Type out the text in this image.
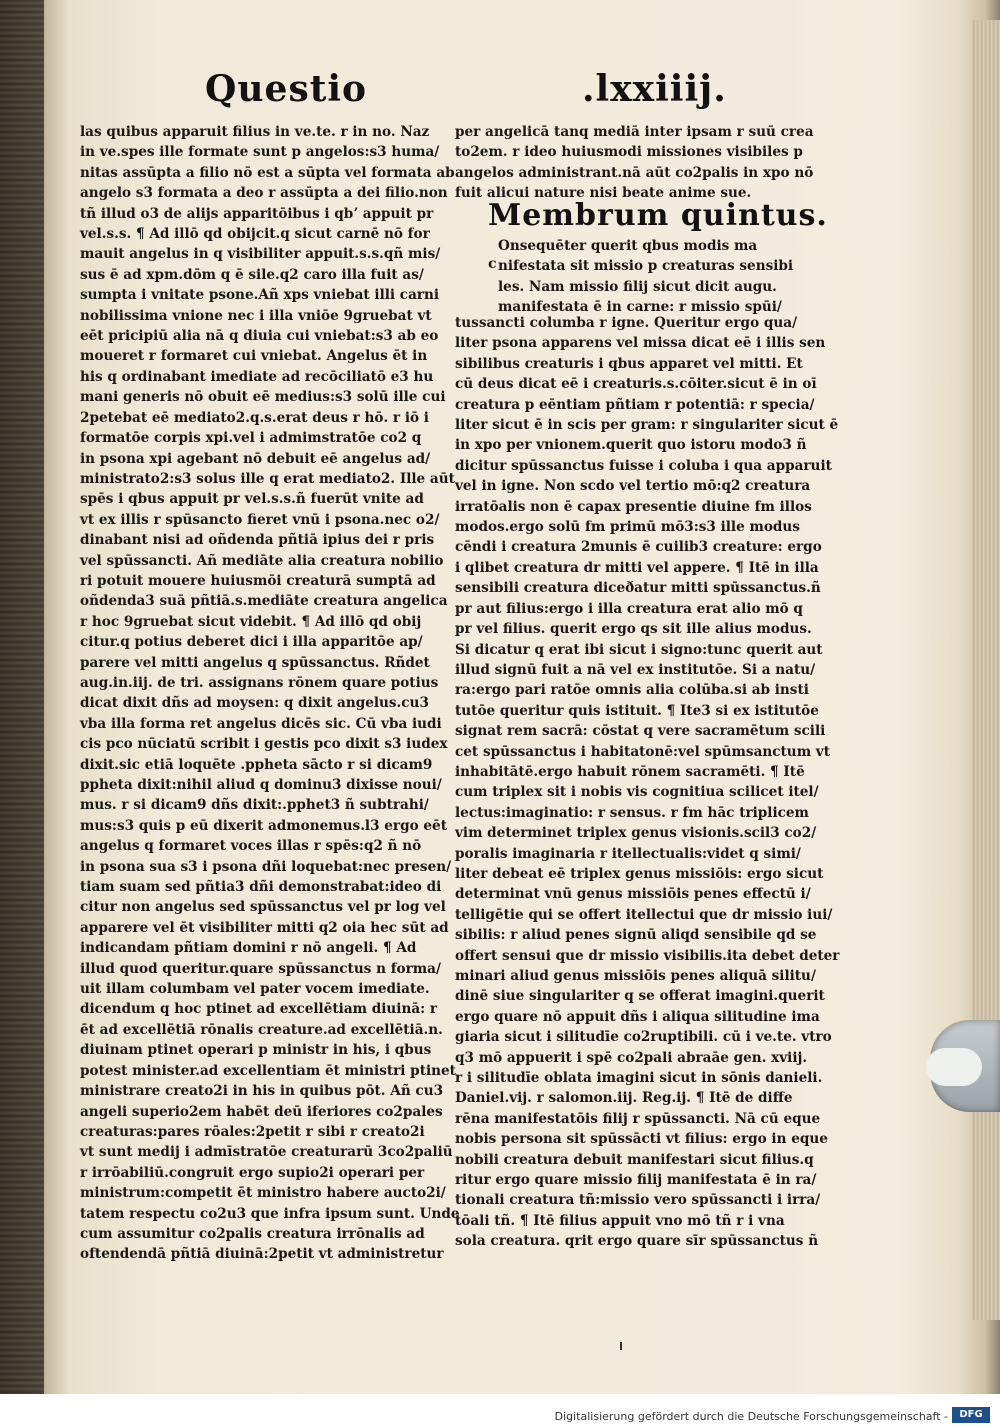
Questio	.lxxiiij.
las quibus apparuit filius in ve.te. r in no. Naz
in ve.spes ille formate sunt p angelos:s3 huma/
nitas assūpta a filio nō est a sūpta vel formata ab
angelo s3 formata a deo r assūpta a dei filio.non
tñ illud o3 de alijs apparitōibus i qbʼ appuit pr
vel.s.s. ¶ Ad illō qd obijcit.q sicut carnē nō for
mauit angelus in q visibiliter appuit.s.s.qñ mis/
sus ē ad xpm.dōm q ē sile.q2 caro illa fuit as/
sumpta i vnitate psone.Añ xps vniebat illi carni
nobilissima vnione nec i illa vniōe 9gruebat vt
eēt pricipiū alia nā q diuia cui vniebat:s3 ab eo
moueret r formaret cui vniebat. Angelus ēt in
his q ordinabant imediate ad recōciliatō e3 hu
mani generis nō obuit eē medius:s3 solū ille cui
2petebat eē mediato2.q.s.erat deus r hō. r iō i
formatōe corpis xpi.vel i admimstratōe co2 q
in psona xpi agebant nō debuit eē angelus ad/
ministrato2:s3 solus ille q erat mediato2. Ille aūt
spēs i qbus appuit pr vel.s.s.ñ fuerūt vnite ad
vt ex illis r spūsancto fieret vnū i psona.nec o2/
dinabant nisi ad oñdenda pñtiā ipius dei r pris
vel spūssancti. Añ mediāte alia creatura nobilio
ri potuit mouere huiusmōi creaturā sumptā ad
oñdenda3 suā pñtiā.s.mediāte creatura angelica
r hoc 9gruebat sicut videbit. ¶ Ad illō qd obij
citur.q potius deberet dici i illa apparitōe ap/
parere vel mitti angelus q spūssanctus. Rñdet
aug.in.iij. de tri. assignans rōnem quare potius
dicat dixit dñs ad moysen: q dixit angelus.cu3
vba illa forma ret angelus dicēs sic. Cū vba iudi
cis pco nūciatū scribit i gestis pco dixit s3 iudex
dixit.sic etiā loquēte .ppheta sācto r si dicam9
ppheta dixit:nihil aliud q dominu3 dixisse noui/
mus. r si dicam9 dñs dixit:.pphet3 ñ subtrahi/
mus:s3 quis p eū dixerit admonemus.l3 ergo eēt
angelus q formaret voces illas r spēs:q2 ñ nō
in psona sua s3 i psona dñi loquebat:nec presen/
tiam suam sed pñtia3 dñi demonstrabat:ideo di
citur non angelus sed spūssanctus vel pr log vel
apparere vel ēt visibiliter mitti q2 oia hec sūt ad
indicandam pñtiam domini r nō angeli. ¶ Ad
illud quod queritur.quare spūssanctus n forma/
uit illam columbam vel pater vocem imediate.
dicendum q hoc ptinet ad excellētiam diuinā: r
ēt ad excellētiā rōnalis creature.ad excellētiā.n.
diuinam ptinet operari p ministr in his, i qbus
potest minister.ad excellentiam ēt ministri ptinet
ministrare creato2i in his in quibus pōt. Añ cu3
angeli superio2em habēt deū iferiores co2pales
creaturas:pares rōales:2petit r sibi r creato2i
vt sunt medij i admīstratōe creaturarū 3co2paliū
r irrōabiliū.congruit ergo supio2i operari per
ministrum:competit ēt ministro habere aucto2i/
tatem respectu co2u3 que infra ipsum sunt. Unde
cum assumitur co2palis creatura irrōnalis ad
oftendendā pñtiā diuinā:2petit vt administretur
per angelicā tanq mediā inter ipsam r suū crea
to2em. r ideo huiusmodi missiones visibiles p
angelos administrant.nā aūt co2palis in xpo nō
fuit alicui nature nisi beate anime sue.
Membrum quintus.
c
Onsequēter querit qbus modis ma
nifestata sit missio p creaturas sensibi
les. Nam missio filij sicut dicit augu.
manifestata ē in carne: r missio spūi/
tussancti columba r igne. Queritur ergo qua/
liter psona apparens vel missa dicat eē i illis sen
sibilibus creaturis i qbus apparet vel mitti. Et
cū deus dicat eē i creaturis.s.cōiter.sicut ē in oī
creatura p eēntiam pñtiam r potentiā: r specia/
liter sicut ē in scis per gram: r singulariter sicut ē
in xpo per vnionem.querit quo istoru modo3 ñ
dicitur spūssanctus fuisse i coluba i qua apparuit
vel in igne. Non scdo vel tertio mō:q2 creatura
irratōalis non ē capax presentie diuine fm illos
modos.ergo solū fm primū mō3:s3 ille modus
cēndi i creatura 2munis ē cuilib3 creature: ergo
i qlibet creatura dr mitti vel appere. ¶ Itē in illa
sensibili creatura diceðatur mitti spūssanctus.ñ
pr aut filius:ergo i illa creatura erat alio mō q
pr vel filius. querit ergo qs sit ille alius modus.
Si dicatur q erat ibi sicut i signo:tunc querit aut
illud signū fuit a nā vel ex institutōe. Si a natu/
ra:ergo pari ratōe omnis alia colūba.si ab insti
tutōe queritur quis istituit. ¶ Ite3 si ex istitutōe
signat rem sacrā: cōstat q vere sacramētum scili
cet spūssanctus i habitatonē:vel spūmsanctum vt
inhabitātē.ergo habuit rōnem sacramēti. ¶ Itē
cum triplex sit i nobis vis cognitiua scilicet itel/
lectus:imaginatio: r sensus. r fm hāc triplicem
vim determinet triplex genus visionis.scil3 co2/
poralis imaginaria r itellectualis:videt q simi/
liter debeat eē triplex genus missiōis: ergo sicut
determinat vnū genus missiōis penes effectū i/
telligētie qui se offert itellectui que dr missio iui/
sibilis: r aliud penes signū aliqd sensibile qd se
offert sensui que dr missio visibilis.ita debet deter
minari aliud genus missiōis penes aliquā silitu/
dinē siue singulariter q se offerat imagini.querit
ergo quare nō appuit dñs i aliqua silitudine ima
giaria sicut i silitudīe co2ruptibili. cū i ve.te. vtro
q3 mō appuerit i spē co2pali abraāe gen. xviij.
r i silitudīe oblata imagini sicut in sōnis danieli.
Daniel.vij. r salomon.iij. Reg.ij. ¶ Itē de diffe
rēna manifestatōis filij r spūssancti. Nā cū eque
nobis persona sit spūssācti vt filius: ergo in eque
nobili creatura debuit manifestari sicut filius.q
ritur ergo quare missio filij manifestata ē in ra/
tionali creatura tñ:missio vero spūssancti i irra/
tōali tñ. ¶ Itē filius appuit vno mō tñ r i vna
sola creatura. qrit ergo quare sīr spūssanctus ñ
Digitalisierung gefördert durch die Deutsche Forschungsgemeinschaft -	DFG
